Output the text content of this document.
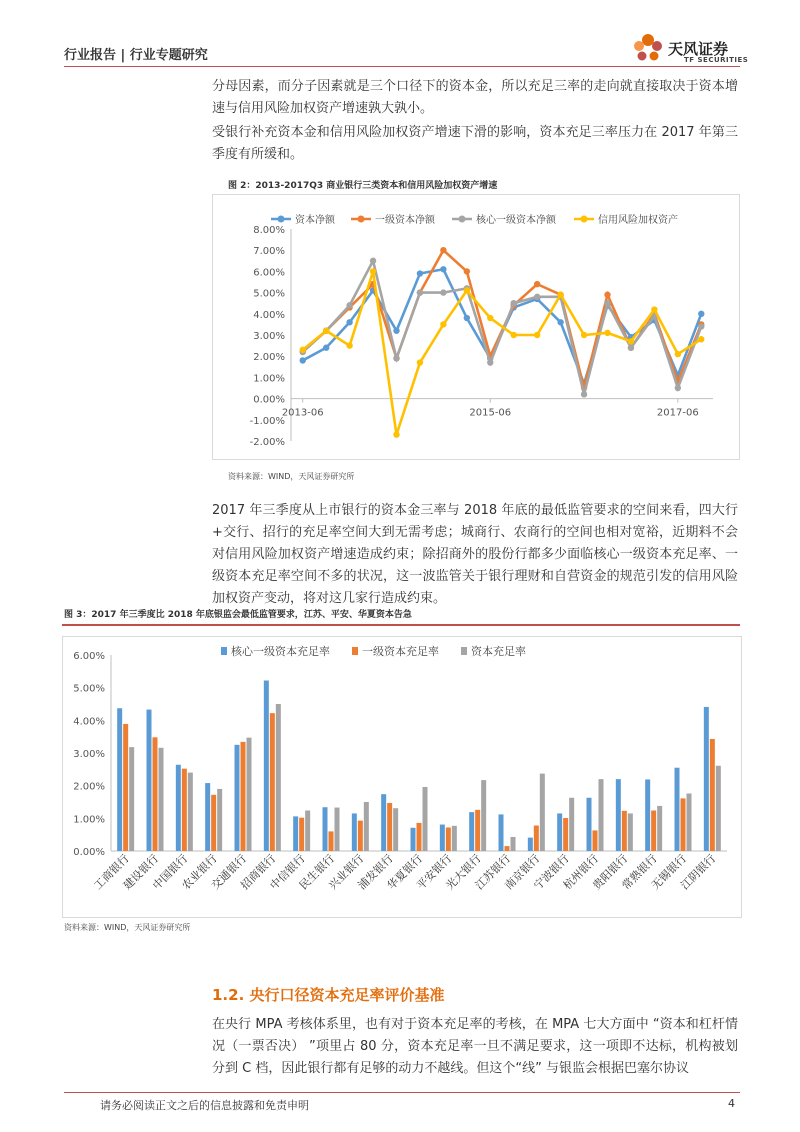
行业报告 | 行业专题研究	天风证券
TF SECURITIES
分母因素，而分子因素就是三个口径下的资本金，所以充足三率的走向就直接取决于资本增速与信用风险加权资产增速孰大孰小。
受银行补充资本金和信用风险加权资产增速下滑的影响，资本充足三率压力在 2017 年第三季度有所缓和。
图 2：2013-2017Q3 商业银行三类资本和信用风险加权资产增速
-2.00%
-1.00%
0.00%
1.00%
2.00%
3.00%
4.00%
5.00%
6.00%
7.00%
8.00%
2013-06	2015-06	2017-06
资本净额	一级资本净额	核心一级资本净额	信用风险加权资产
资料来源：WIND，天风证券研究所
2017 年三季度从上市银行的资本金三率与 2018 年底的最低监管要求的空间来看，四大行+交行、招行的充足率空间大到无需考虑；城商行、农商行的空间也相对宽裕，近期料不会对信用风险加权资产增速造成约束；除招商外的股份行都多少面临核心一级资本充足率、一级资本充足率空间不多的状况，这一波监管关于银行理财和自营资金的规范引发的信用风险加权资产变动，将对这几家行造成约束。
图 3：2017 年三季度比 2018 年底银监会最低监管要求，江苏、平安、华夏资本告急
0.00%
1.00%
2.00%
3.00%
4.00%
5.00%
6.00%	核心一级资本充足率	一级资本充足率	资本充足率
工商银行
建设银行
中国银行
农业银行
交通银行
招商银行
中信银行
民生银行
兴业银行
浦发银行
华夏银行
平安银行
光大银行
江苏银行
南京银行
宁波银行
杭州银行
贵阳银行
常熟银行
无锡银行
江阴银行
资料来源：WIND，天风证券研究所
1.2. 央行口径资本充足率评价基准
在央行 MPA 考核体系里，也有对于资本充足率的考核，在 MPA 七大方面中 “资本和杠杆情况（一票否决） ”项里占 80 分，资本充足率一旦不满足要求，这一项即不达标，机构被划分到 C 档，因此银行都有足够的动力不越线。但这个“线” 与银监会根据巴塞尔协议
请务必阅读正文之后的信息披露和免责申明	4
